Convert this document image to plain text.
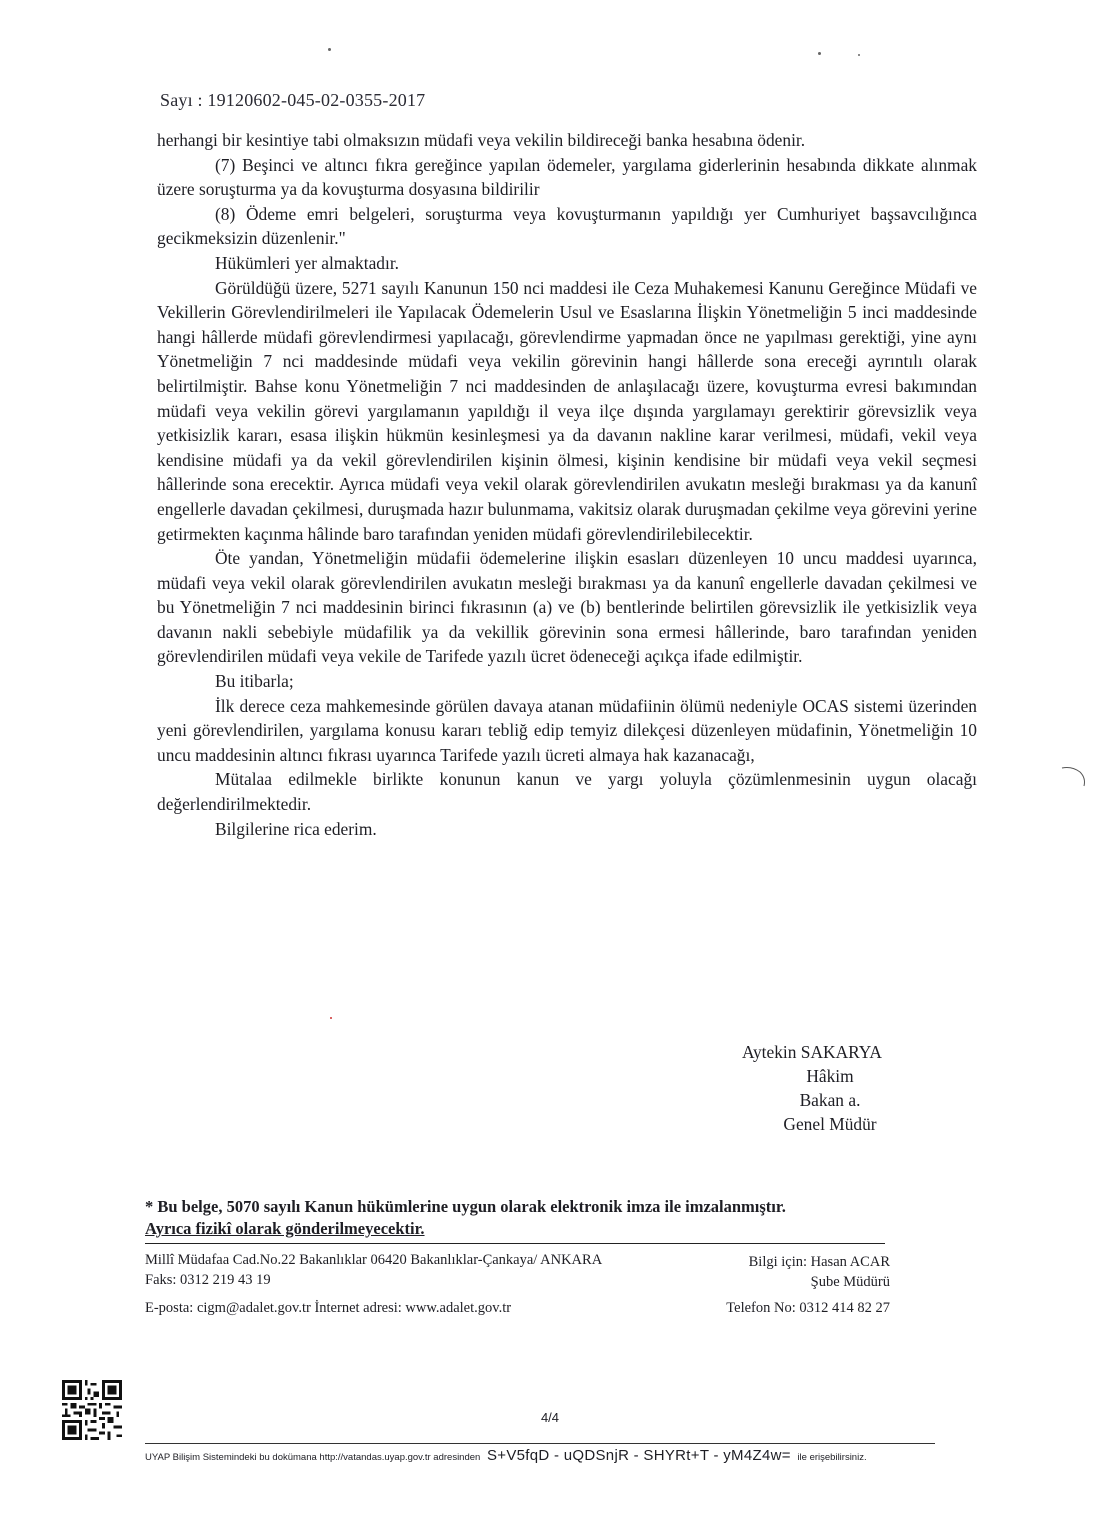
Sayı : 19120602-045-02-0355-2017

herhangi bir kesintiye tabi olmaksızın müdafi veya vekilin bildireceği banka hesabına ödenir.

(7) Beşinci ve altıncı fıkra gereğince yapılan ödemeler, yargılama giderlerinin hesabında dikkate alınmak üzere soruşturma ya da kovuşturma dosyasına bildirilir

(8) Ödeme emri belgeleri, soruşturma veya kovuşturmanın yapıldığı yer Cumhuriyet başsavcılığınca gecikmeksizin düzenlenir."

Hükümleri yer almaktadır.

Görüldüğü üzere, 5271 sayılı Kanunun 150 nci maddesi ile Ceza Muhakemesi Kanunu Gereğince Müdafi ve Vekillerin Görevlendirilmeleri ile Yapılacak Ödemelerin Usul ve Esaslarına İlişkin Yönetmeliğin 5 inci maddesinde hangi hâllerde müdafi görevlendirmesi yapılacağı, görevlendirme yapmadan önce ne yapılması gerektiği, yine aynı Yönetmeliğin 7 nci maddesinde müdafi veya vekilin görevinin hangi hâllerde sona ereceği ayrıntılı olarak belirtilmiştir. Bahse konu Yönetmeliğin 7 nci maddesinden de anlaşılacağı üzere, kovuşturma evresi bakımından müdafi veya vekilin görevi yargılamanın yapıldığı il veya ilçe dışında yargılamayı gerektirir görevsizlik veya yetkisizlik kararı, esasa ilişkin hükmün kesinleşmesi ya da davanın nakline karar verilmesi, müdafi, vekil veya kendisine müdafi ya da vekil görevlendirilen kişinin ölmesi, kişinin kendisine bir müdafi veya vekil seçmesi hâllerinde sona erecektir. Ayrıca müdafi veya vekil olarak görevlendirilen avukatın mesleği bırakması ya da kanunî engellerle davadan çekilmesi, duruşmada hazır bulunmama, vakitsiz olarak duruşmadan çekilme veya görevini yerine getirmekten kaçınma hâlinde baro tarafından yeniden müdafi görevlendirilebilecektir.

Öte yandan, Yönetmeliğin müdafii ödemelerine ilişkin esasları düzenleyen 10 uncu maddesi uyarınca, müdafi veya vekil olarak görevlendirilen avukatın mesleği bırakması ya da kanunî engellerle davadan çekilmesi ve bu Yönetmeliğin 7 nci maddesinin birinci fıkrasının (a) ve (b) bentlerinde belirtilen görevsizlik ile yetkisizlik veya davanın nakli sebebiyle müdafilik ya da vekillik görevinin sona ermesi hâllerinde, baro tarafından yeniden görevlendirilen müdafi veya vekile de Tarifede yazılı ücret ödeneceği açıkça ifade edilmiştir.

Bu itibarla;

İlk derece ceza mahkemesinde görülen davaya atanan müdafiinin ölümü nedeniyle OCAS sistemi üzerinden yeni görevlendirilen, yargılama konusu kararı tebliğ edip temyiz dilekçesi düzenleyen müdafinin, Yönetmeliğin 10 uncu maddesinin altıncı fıkrası uyarınca Tarifede yazılı ücreti almaya hak kazanacağı,

Mütalaa edilmekle birlikte konunun kanun ve yargı yoluyla çözümlenmesinin uygun olacağı değerlendirilmektedir.

Bilgilerine rica ederim.

Aytekin SAKARYA
Hâkim
Bakan a.
Genel Müdür
* Bu belge, 5070 sayılı Kanun hükümlerine uygun olarak elektronik imza ile imzalanmıştır.
Ayrıca fizikî olarak gönderilmeyecektir.
Millî Müdafaa Cad.No.22 Bakanlıklar 06420 Bakanlıklar-Çankaya/ ANKARA
Faks: 0312 219 43 19
E-posta: cigm@adalet.gov.tr İnternet adresi: www.adalet.gov.tr
Bilgi için: Hasan ACAR
Şube Müdürü
Telefon No: 0312 414 82 27
4/4
UYAP Bilişim Sistemindeki bu dokümana http://vatandas.uyap.gov.tr adresinden S+V5fqD - uQDSnjR - SHYRt+T - yM4Z4w= ile erişebilirsiniz.
